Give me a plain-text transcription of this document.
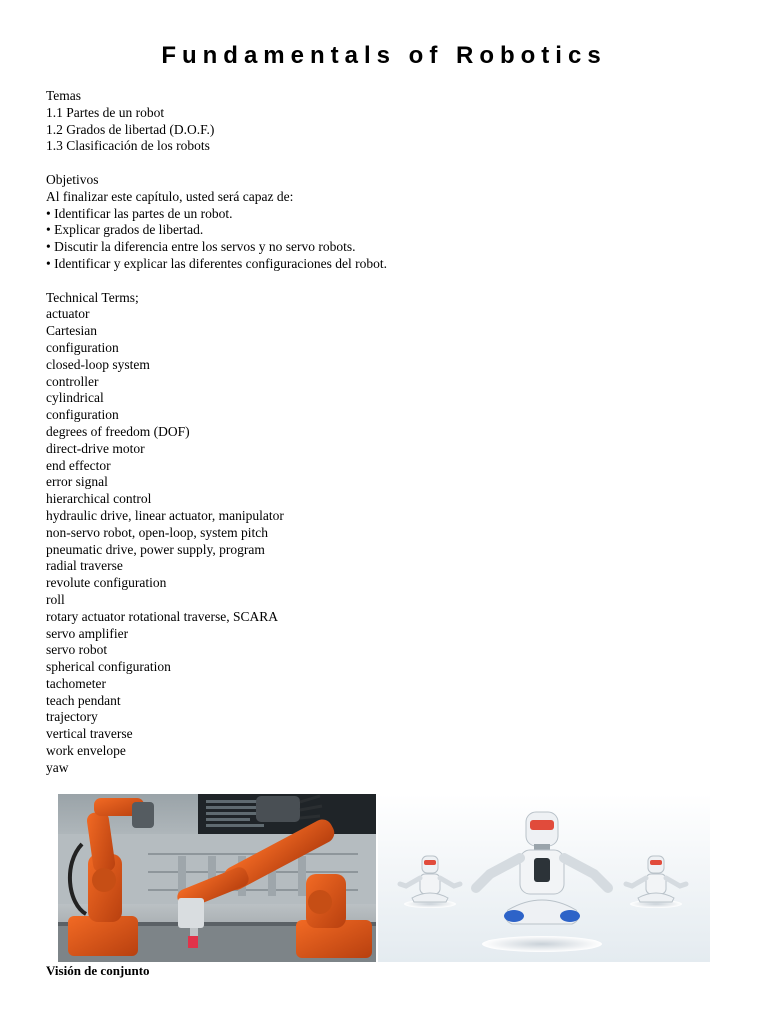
Fundamentals of Robotics
Temas
1.1 Partes de un robot
1.2 Grados de libertad (D.O.F.)
1.3 Clasificación de los robots
Objetivos
Al finalizar este capítulo, usted será capaz de:
• Identificar las partes de un robot.
• Explicar grados de libertad.
• Discutir la diferencia entre los servos y no servo robots.
• Identificar y explicar las diferentes configuraciones del robot.
Technical Terms;
actuator
Cartesian
configuration
closed-loop system
controller
cylindrical
configuration
degrees of freedom (DOF)
direct-drive motor
end effector
error signal
hierarchical control
hydraulic drive, linear actuator, manipulator
non-servo robot, open-loop, system pitch
pneumatic drive, power supply, program
radial traverse
revolute configuration
roll
rotary actuator rotational traverse, SCARA
servo amplifier
servo robot
spherical configuration
tachometer
teach pendant
trajectory
vertical traverse
work envelope
yaw
Visión de conjunto
